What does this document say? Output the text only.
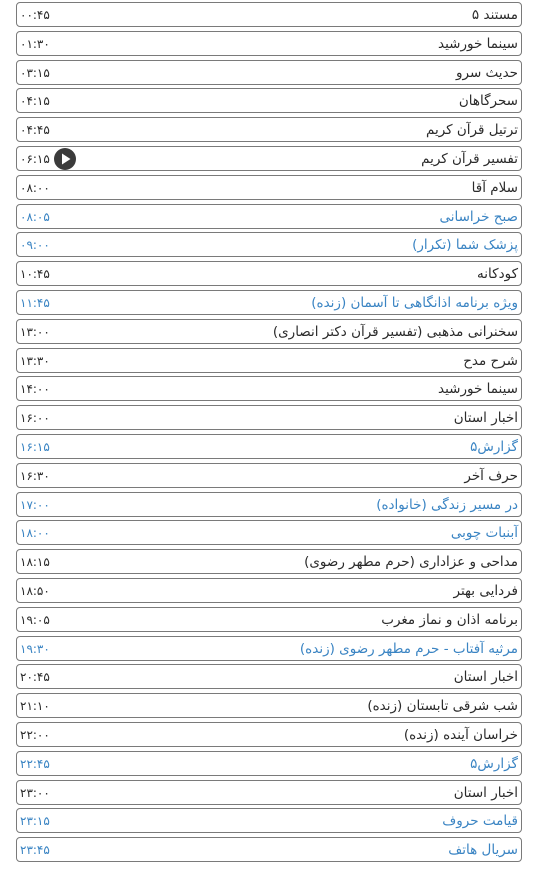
مستند ۵
۰۰:۴۵
سینما خورشید
۰۱:۳۰
حدیث سرو
۰۳:۱۵
سحرگاهان
۰۴:۱۵
ترتیل قرآن کریم
۰۴:۴۵
تفسیر قرآن کریم
۰۶:۱۵
سلام آقا
۰۸:۰۰
صبح خراسانی
۰۸:۰۵
پزشک شما (تکرار)
۰۹:۰۰
کودکانه
۱۰:۴۵
ویژه برنامه اذانگاهی تا آسمان (زنده)
۱۱:۴۵
سخنرانی مذهبی (تفسیر قرآن دکتر انصاری)
۱۳:۰۰
شرح مدح
۱۳:۳۰
سینما خورشید
۱۴:۰۰
اخبار استان
۱۶:۰۰
گزارش۵
۱۶:۱۵
حرف آخر
۱۶:۳۰
در مسیر زندگی (خانواده)
۱۷:۰۰
آبنبات چوبی
۱۸:۰۰
مداحی و عزاداری (حرم مطهر رضوی)
۱۸:۱۵
فردایی بهتر
۱۸:۵۰
برنامه اذان و نماز مغرب
۱۹:۰۵
مرثیه آفتاب - حرم مطهر رضوی (زنده)
۱۹:۳۰
اخبار استان
۲۰:۴۵
شب شرقی تابستان (زنده)
۲۱:۱۰
خراسان آینده (زنده)
۲۲:۰۰
گزارش۵
۲۲:۴۵
اخبار استان
۲۳:۰۰
قیامت حروف
۲۳:۱۵
سریال هاتف
۲۳:۴۵
